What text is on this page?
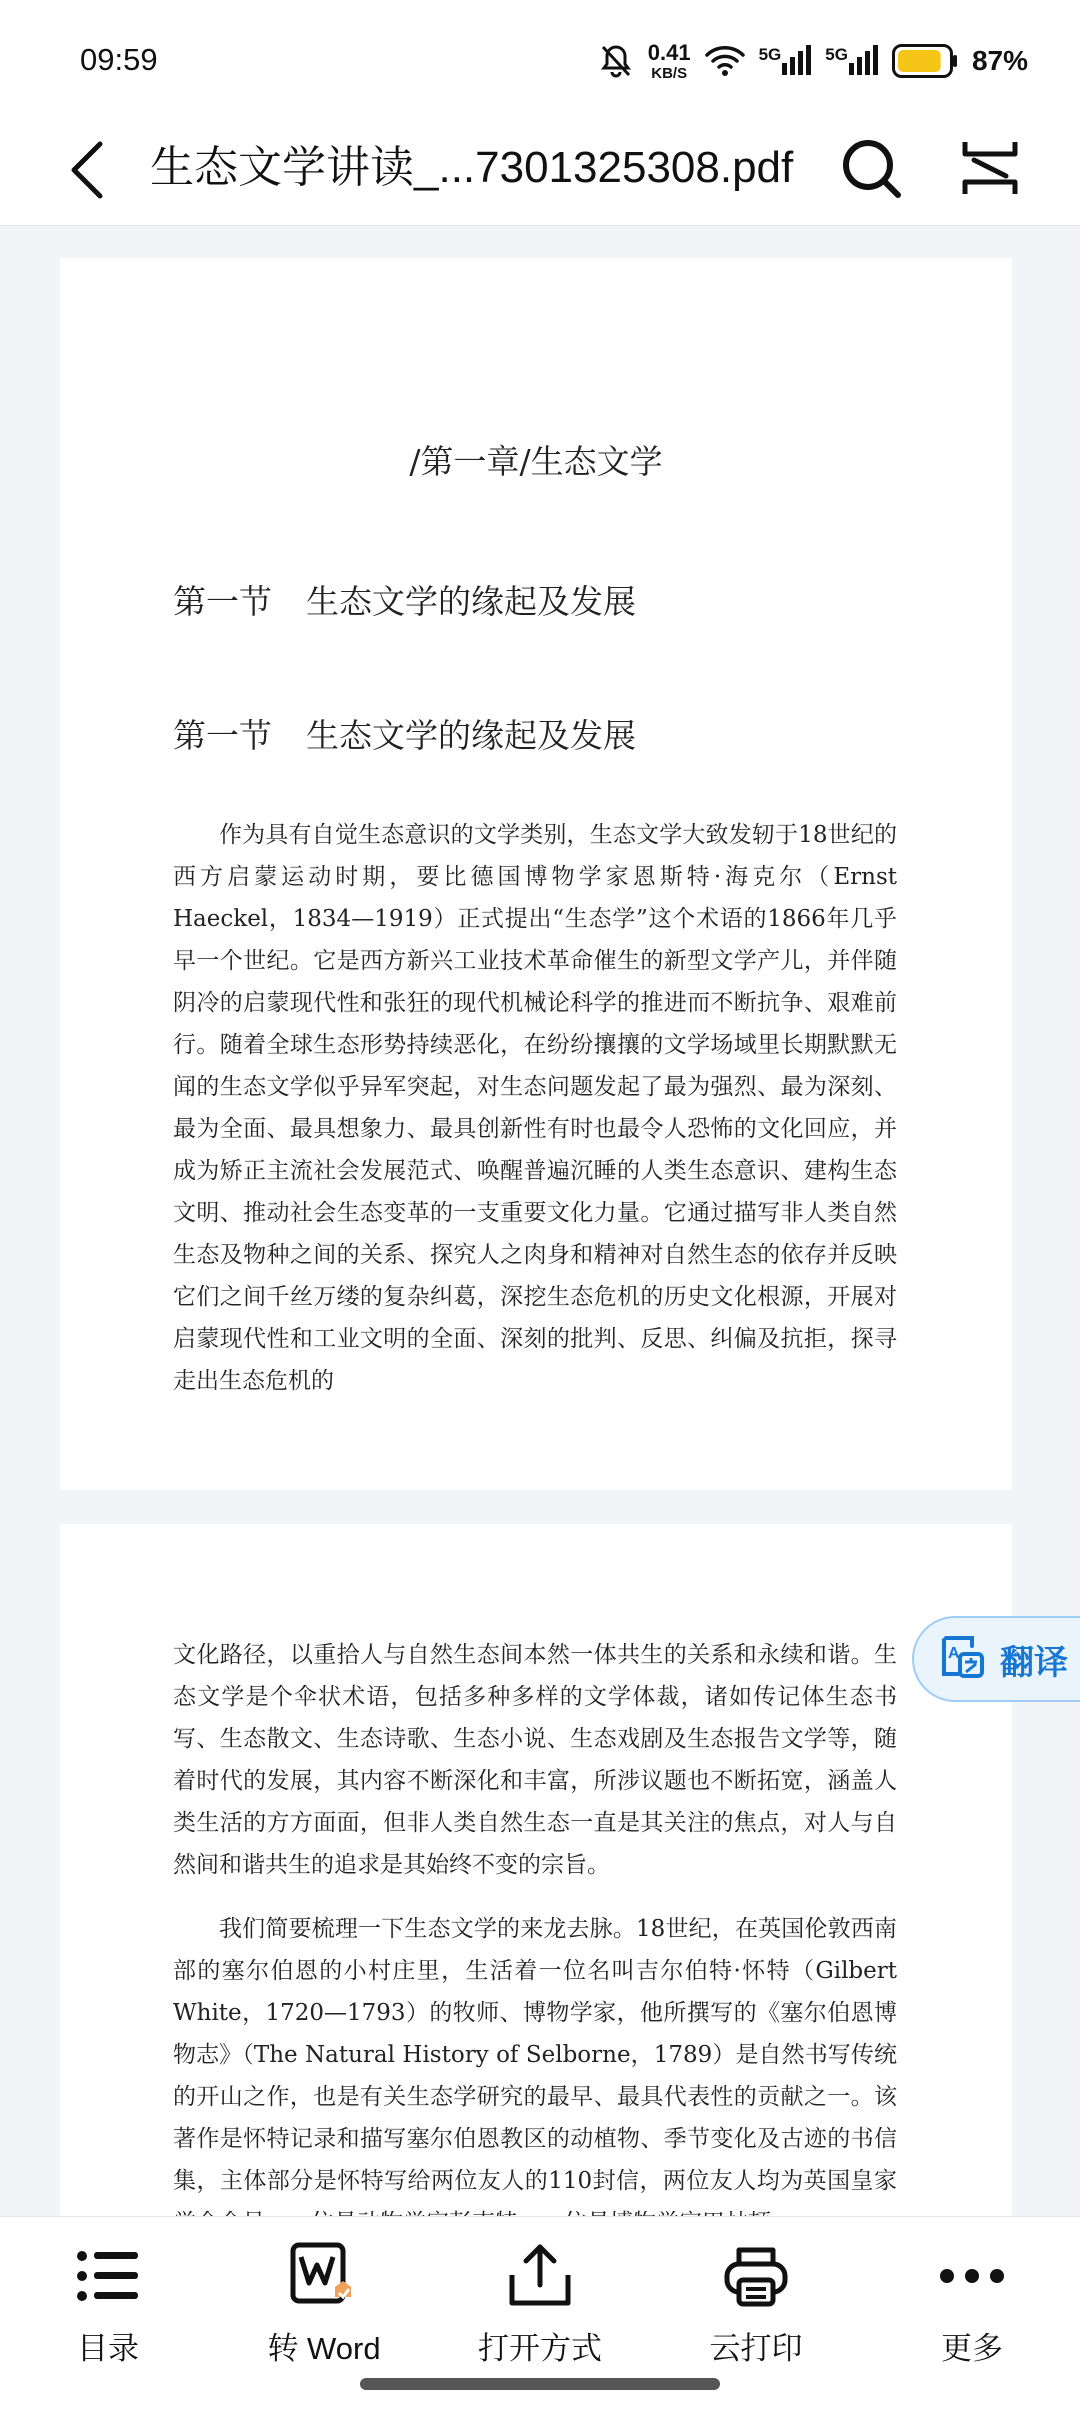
09:59	0.41
KB/S
5G	5G	87%
生态文学讲读_...7301325308.pdf
/第一章/生态文学
第一节 生态文学的缘起及发展
第一节 生态文学的缘起及发展

作为具有自觉生态意识的文学类别，生态文学大致发轫于18世纪的西方启蒙运动时期，要比德国博物学家恩斯特·海克尔（Ernst Haeckel，1834—1919）正式提出“生态学”这个术语的1866年几乎早一个世纪。它是西方新兴工业技术革命催生的新型文学产儿，并伴随阴冷的启蒙现代性和张狂的现代机械论科学的推进而不断抗争、艰难前行。随着全球生态形势持续恶化，在纷纷攘攘的文学场域里长期默默无闻的生态文学似乎异军突起，对生态问题发起了最为强烈、最为深刻、最为全面、最具想象力、最具创新性有时也最令人恐怖的文化回应，并成为矫正主流社会发展范式、唤醒普遍沉睡的人类生态意识、建构生态文明、推动社会生态变革的一支重要文化力量。它通过描写非人类自然生态及物种之间的关系、探究人之肉身和精神对自然生态的依存并反映它们之间千丝万缕的复杂纠葛，深挖生态危机的历史文化根源，开展对启蒙现代性和工业文明的全面、深刻的批判、反思、纠偏及抗拒，探寻走出生态危机的

文化路径，以重拾人与自然生态间本然一体共生的关系和永续和谐。生态文学是个伞状术语，包括多种多样的文学体裁，诸如传记体生态书写、生态散文、生态诗歌、生态小说、生态戏剧及生态报告文学等，随着时代的发展，其内容不断深化和丰富，所涉议题也不断拓宽，涵盖人类生活的方方面面，但非人类自然生态一直是其关注的焦点，对人与自然间和谐共生的追求是其始终不变的宗旨。

我们简要梳理一下生态文学的来龙去脉。18世纪，在英国伦敦西南部的塞尔伯恩的小村庄里，生活着一位名叫吉尔伯特·怀特（Gilbert White，1720—1793）的牧师、博物学家，他所撰写的《塞尔伯恩博物志》（The Natural History of Selborne，1789）是自然书写传统的开山之作，也是有关生态学研究的最早、最具代表性的贡献之一。该著作是怀特记录和描写塞尔伯恩教区的动植物、季节变化及古迹的书信集，主体部分是怀特写给两位友人的110封信，两位友人均为英国皇家

A 翻译
目录	转 Word	打开方式	云打印	更多
